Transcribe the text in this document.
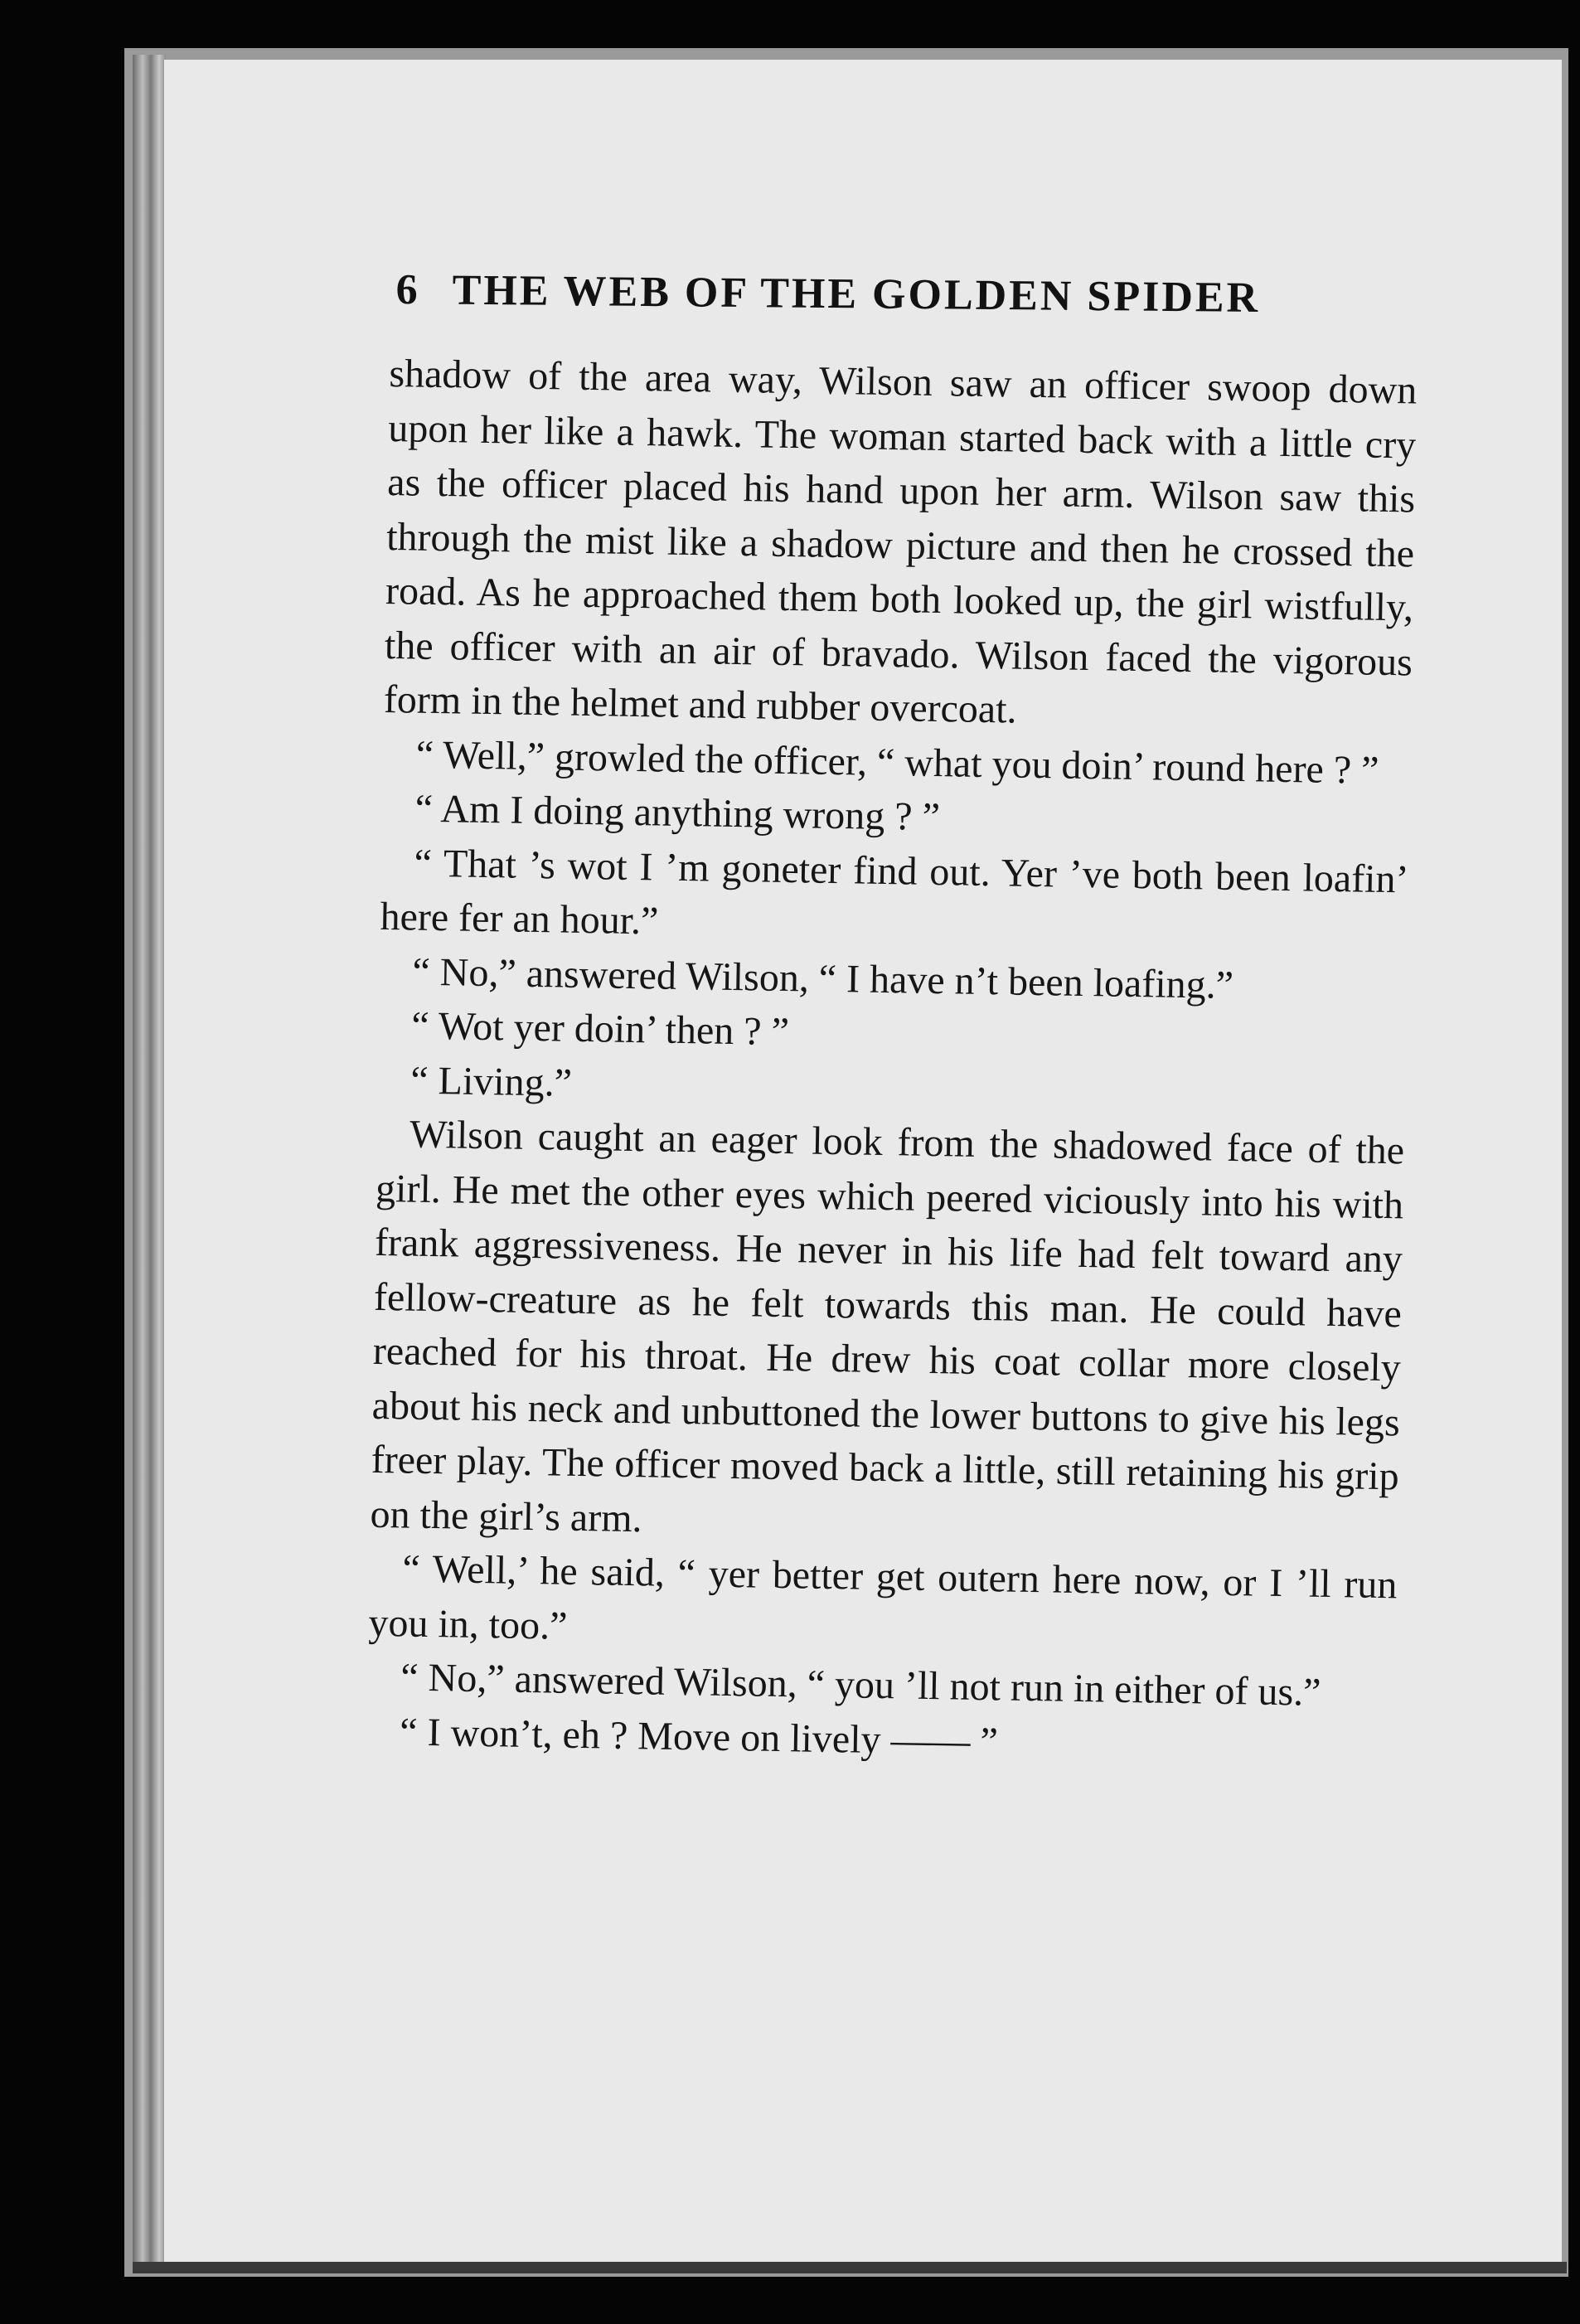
6 THE WEB OF THE GOLDEN SPIDER

shadow of the area way, Wilson saw an officer swoop down upon her like a hawk. The woman started back with a little cry as the officer placed his hand upon her arm. Wilson saw this through the mist like a shadow picture and then he crossed the road. As he approached them both looked up, the girl wistfully, the officer with an air of bravado. Wilson faced the vigorous form in the helmet and rubber overcoat.

“ Well,” growled the officer, “ what you doin’ round here ? ”

“ Am I doing anything wrong ? ”

“ That ’s wot I ’m goneter find out. Yer ’ve both been loafin’ here fer an hour.”

“ No,” answered Wilson, “ I have n’t been loafing.”

“ Wot yer doin’ then ? ”

“ Living.”

Wilson caught an eager look from the shadowed face of the girl. He met the other eyes which peered viciously into his with frank aggressiveness. He never in his life had felt toward any fellow-creature as he felt towards this man. He could have reached for his throat. He drew his coat collar more closely about his neck and unbuttoned the lower buttons to give his legs freer play. The officer moved back a little, still retaining his grip on the girl’s arm.

“ Well,’ he said, “ yer better get outern here now, or I ’ll run you in, too.”

“ No,” answered Wilson, “ you ’ll not run in either of us.”

“ I won’t, eh ? Move on lively —— ”
